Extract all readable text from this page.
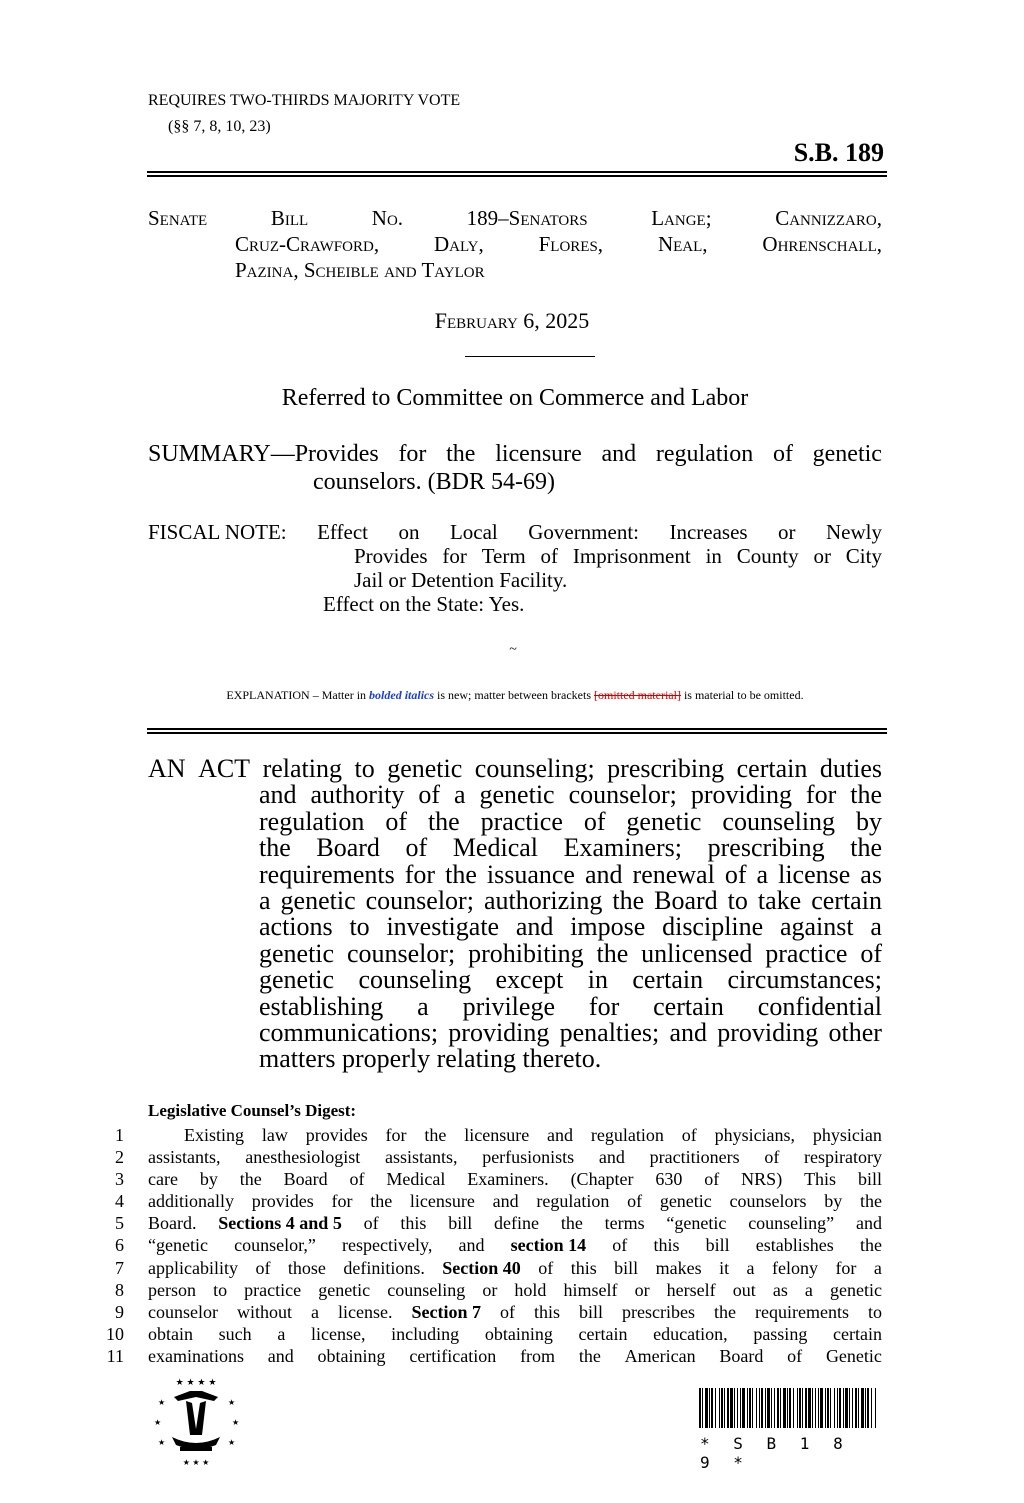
REQUIRES TWO-THIRDS MAJORITY VOTE
(§§ 7, 8, 10, 23)
S.B. 189
Senate	Bill	No.	189–Senators	Lange;	Cannizzaro,
Cruz-Crawford,	Daly,	Flores,	Neal,	Ohrenschall,
Pazina, Scheible and Taylor
February 6, 2025
Referred to Committee on Commerce and Labor
SUMMARY—Provides for the licensure and regulation of genetic
counselors. (BDR 54-69)
FISCAL NOTE: Effect on Local Government: Increases or Newly
Provides for Term of Imprisonment in County or City
Jail or Detention Facility.
Effect on the State: Yes.
~
EXPLANATION – Matter in bolded italics is new; matter between brackets [omitted material] is material to be omitted.
AN ACT relating to genetic counseling; prescribing certain duties
and authority of a genetic counselor; providing for the
regulation of the practice of genetic counseling by
the Board of Medical Examiners; prescribing the
requirements for the issuance and renewal of a license as
a genetic counselor; authorizing the Board to take certain
actions to investigate and impose discipline against a
genetic counselor; prohibiting the unlicensed practice of
genetic counseling except in certain circumstances;
establishing a privilege for certain confidential
communications; providing penalties; and providing other
matters properly relating thereto.
Legislative Counsel’s Digest:
1	Existing law provides for the licensure and regulation of physicians, physician
2 assistants, anesthesiologist assistants, perfusionists and practitioners of respiratory
3 care by the Board of Medical Examiners. (Chapter 630 of NRS) This bill
4 additionally provides for the licensure and regulation of genetic counselors by the
5 Board. Sections 4 and 5 of this bill define the terms “genetic counseling” and
6 “genetic counselor,” respectively, and section 14 of this bill establishes the
7 applicability of those definitions. Section 40 of this bill makes it a felony for a
8 person to practice genetic counseling or hold himself or herself out as a genetic
9 counselor without a license. Section 7 of this bill prescribes the requirements to
10 obtain such a license, including obtaining certain education, passing certain
11 examinations and obtaining certification from the American Board of Genetic
★ ★ ★ ★
★
★
★
★
★
★
★ ★ ★
* S B 1 8 9 *
